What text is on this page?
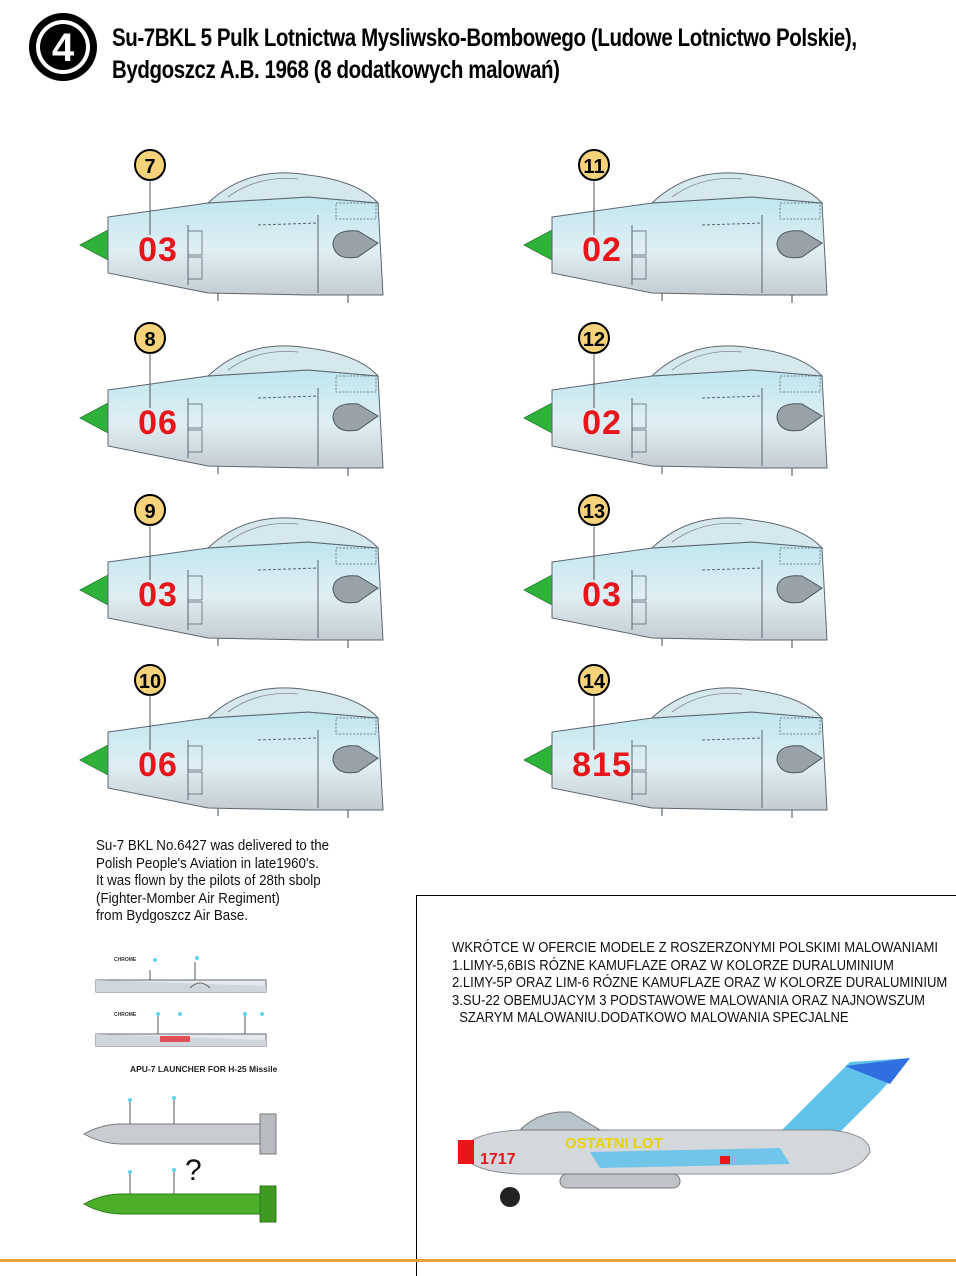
4 Su-7BKL 5 Pulk Lotnictwa Mysliwsko-Bombowego (Ludowe Lotnictwo Polskie),
Bydgoszcz A.B. 1968 (8 dodatkowych malowań)
7
03
11
02
8
06
12
02
9
03
13
03
10
06
14
815
Su-7 BKL No.6427 was delivered to the
Polish People's Aviation in late1960's.
It was flown by the pilots of 28th sbolp
(Fighter-Momber Air Regiment)
from Bydgoszcz Air Base.
CHROME
CHROME
APU-7 LAUNCHER FOR H-25 Missile
?
WKRÓTCE W OFERCIE MODELE Z ROSZERZONYMI POLSKIMI MALOWANIAMI
1.LIMY-5,6BIS RÓZNE KAMUFLAZE ORAZ W KOLORZE DURALUMINIUM
2.LIMY-5P ORAZ LIM-6 RÓZNE KAMUFLAZE ORAZ W KOLORZE DURALUMINIUM
3.SU-22 OBEMUJACYM 3 PODSTAWOWE MALOWANIA ORAZ NAJNOWSZUM
SZARYM MALOWANIU.DODATKOWO MALOWANIA SPECJALNE
1717
OSTATNI LOT
